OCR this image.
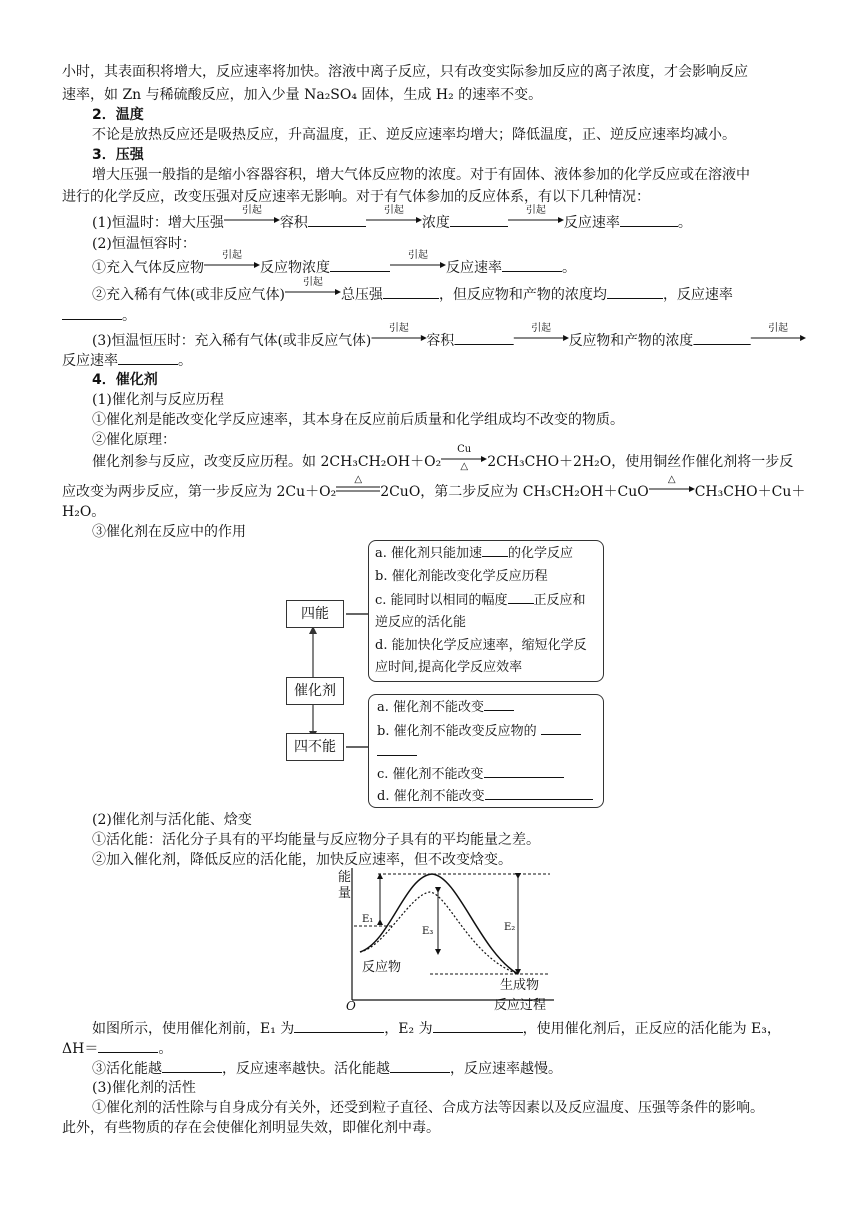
小时，其表面积将增大，反应速率将加快。溶液中离子反应，只有改变实际参加反应的离子浓度，才会影响反应
速率，如 Zn 与稀硫酸反应，加入少量 Na₂SO₄ 固体，生成 H₂ 的速率不变。
2．温度
不论是放热反应还是吸热反应，升高温度，正、逆反应速率均增大；降低温度，正、逆反应速率均减小。
3．压强
增大压强一般指的是缩小容器容积，增大气体反应物的浓度。对于有固体、液体参加的化学反应或在溶液中
进行的化学反应，改变压强对反应速率无影响。对于有气体参加的反应体系，有以下几种情况：
(1)恒温时：增大压强
引起
容积
引起
浓度
引起
反应速率	。
(2)恒温恒容时：
①充入气体反应物
引起
反应物浓度
引起
反应速率	。
②充入稀有气体(或非反应气体)
引起
总压强	，但反应物和产物的浓度均	，反应速率
。
(3)恒温恒压时：充入稀有气体(或非反应气体)
引起
容积
引起
反应物和产物的浓度
引起
反应速率	。
4．催化剂
(1)催化剂与反应历程
①催化剂是能改变化学反应速率，其本身在反应前后质量和化学组成均不改变的物质。
②催化原理：
催化剂参与反应，改变反应历程。如 2CH₃CH₂OH＋O₂
Cu
△	2CH₃CHO＋2H₂O，使用铜丝作催化剂将一步反
应改变为两步反应，第一步反应为 2Cu＋O₂
△
2CuO，第二步反应为 CH₃CH₂OH＋CuO
△
CH₃CHO＋Cu＋
H₂O。
③催化剂在反应中的作用
四能
催化剂
四不能
a. 催化剂只能加速 的化学反应
b. 催化剂能改变化学反应历程
c. 能同时以相同的幅度 正反应和
逆反应的活化能
d. 能加快化学反应速率，缩短化学反
应时间,提高化学反应效率
a. 催化剂不能改变
b. 催化剂不能改变反应物的
c. 催化剂不能改变
d. 催化剂不能改变
(2)催化剂与活化能、焓变
①活化能：活化分子具有的平均能量与反应物分子具有的平均能量之差。
②加入催化剂，降低反应的活化能，加快反应速率，但不改变焓变。
能量
E₁
E₃	E₂
反应物
生成物
O	反应过程
如图所示，使用催化剂前，E₁ 为	，E₂ 为	，使用催化剂后，正反应的活化能为 E₃，
ΔH＝	。
③活化能越	，反应速率越快。活化能越	，反应速率越慢。
(3)催化剂的活性
①催化剂的活性除与自身成分有关外，还受到粒子直径、合成方法等因素以及反应温度、压强等条件的影响。
此外，有些物质的存在会使催化剂明显失效，即催化剂中毒。
